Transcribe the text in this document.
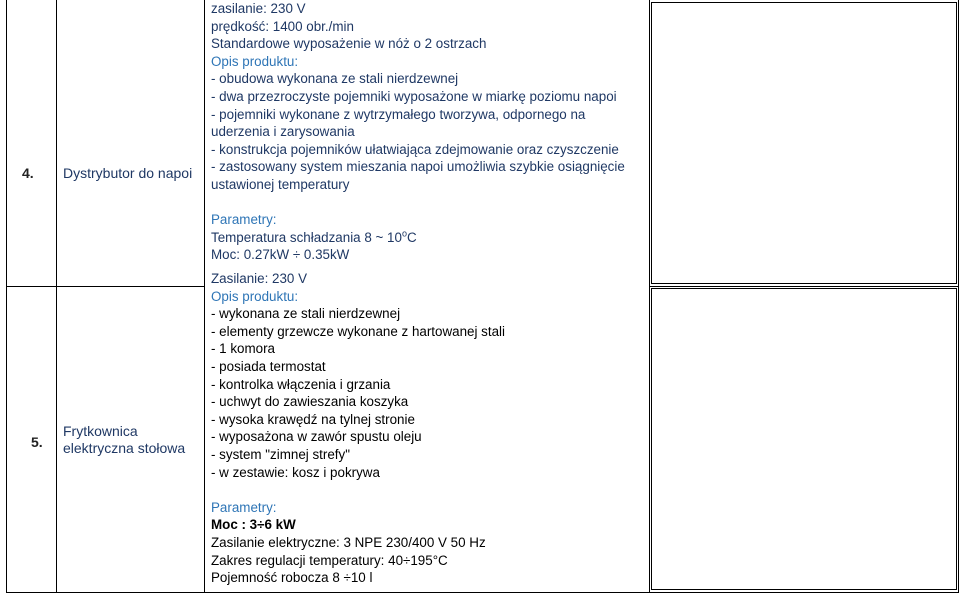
4. Dystrybutor do napoi
zasilanie: 230 V
prędkość: 1400 obr./min
Standardowe wyposażenie w nóż o 2 ostrzach
Opis produktu:
- obudowa wykonana ze stali nierdzewnej
- dwa przezroczyste pojemniki wyposażone w miarkę poziomu napoi
- pojemniki wykonane z wytrzymałego tworzywa, odpornego na
uderzenia i zarysowania
- konstrukcja pojemników ułatwiająca zdejmowanie oraz czyszczenie
- zastosowany system mieszania napoi umożliwia szybkie osiągnięcie
ustawionej temperatury
Parametry:
Temperatura schładzania 8 ~ 10$^o$C
Moc: 0.27kW ÷ 0.35kW
5.
Frytkownica
elektryczna stołowa
Zasilanie: 230 V
Opis produktu:
- wykonana ze stali nierdzewnej
- elementy grzewcze wykonane z hartowanej stali
- 1 komora
- posiada termostat
- kontrolka włączenia i grzania
- uchwyt do zawieszania koszyka
- wysoka krawędź na tylnej stronie
- wyposażona w zawór spustu oleju
- system "zimnej strefy"
- w zestawie: kosz i pokrywa
Parametry:
Moc : 3÷6 kW
Zasilanie elektryczne: 3 NPE 230/400 V 50 Hz
Zakres regulacji temperatury: 40÷195°C
Pojemność robocza 8 ÷10 l
